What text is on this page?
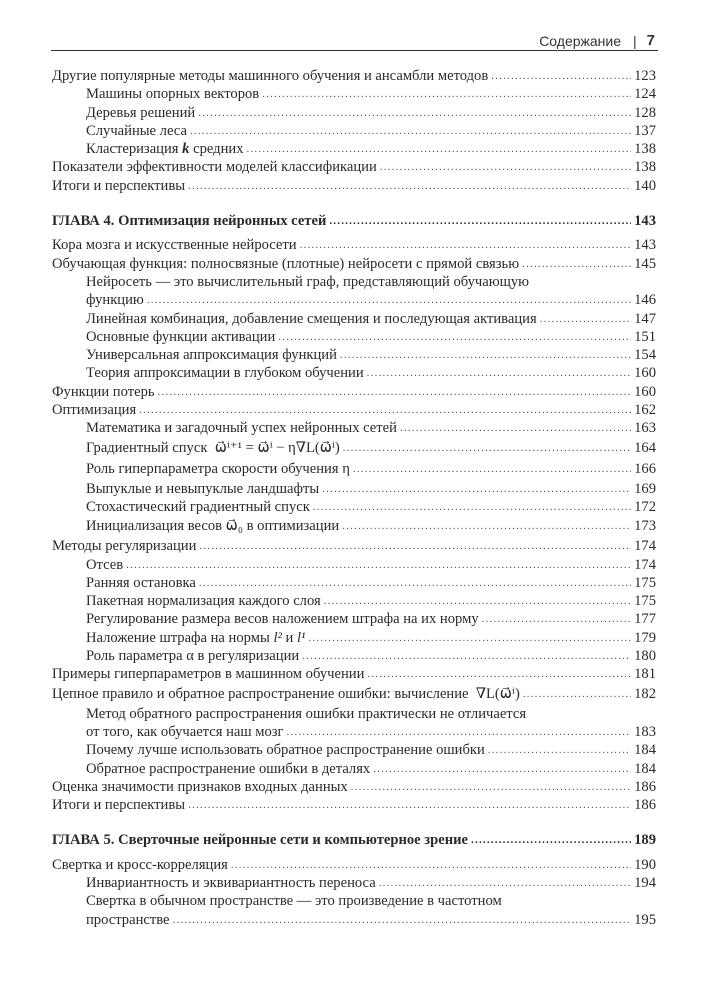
Содержание | 7
Другие популярные методы машинного обучения и ансамбли методов .....	123
Машины опорных векторов .....	124
Деревья решений .....	128
Случайные леса .....	137
Кластеризация k средних .....	138
Показатели эффективности моделей классификации .....	138
Итоги и перспективы .....	140
ГЛАВА 4. Оптимизация нейронных сетей .....	143
Кора мозга и искусственные нейросети .....	143
Обучающая функция: полносвязные (плотные) нейросети с прямой связью .....	145
Нейросеть — это вычислительный граф, представляющий обучающую
функцию .....	146
Линейная комбинация, добавление смещения и последующая активация .....	147
Основные функции активации .....	151
Универсальная аппроксимация функций .....	154
Теория аппроксимации в глубоком обучении .....	160
Функции потерь .....	160
Оптимизация .....	162
Математика и загадочный успех нейронных сетей .....	163
Градиентный спуск ω⃗ⁱ⁺¹ = ω⃗ⁱ − η∇L(ω⃗ⁱ) .....	164
Роль гиперпараметра скорости обучения η .....	166
Выпуклые и невыпуклые ландшафты .....	169
Стохастический градиентный спуск .....	172
Инициализация весов ω⃗₀ в оптимизации .....	173
Методы регуляризации .....	174
Отсев .....	174
Ранняя остановка .....	175
Пакетная нормализация каждого слоя .....	175
Регулирование размера весов наложением штрафа на их норму .....	177
Наложение штрафа на нормы l² и l¹ .....	179
Роль параметра α в регуляризации .....	180
Примеры гиперпараметров в машинном обучении .....	181
Цепное правило и обратное распространение ошибки: вычисление ∇L(ω⃗ⁱ) .....	182
Метод обратного распространения ошибки практически не отличается
от того, как обучается наш мозг .....	183
Почему лучше использовать обратное распространение ошибки .....	184
Обратное распространение ошибки в деталях .....	184
Оценка значимости признаков входных данных .....	186
Итоги и перспективы .....	186
ГЛАВА 5. Сверточные нейронные сети и компьютерное зрение .....	189
Свертка и кросс-корреляция .....	190
Инвариантность и эквивариантность переноса .....	194
Свертка в обычном пространстве — это произведение в частотном
пространстве .....	195
